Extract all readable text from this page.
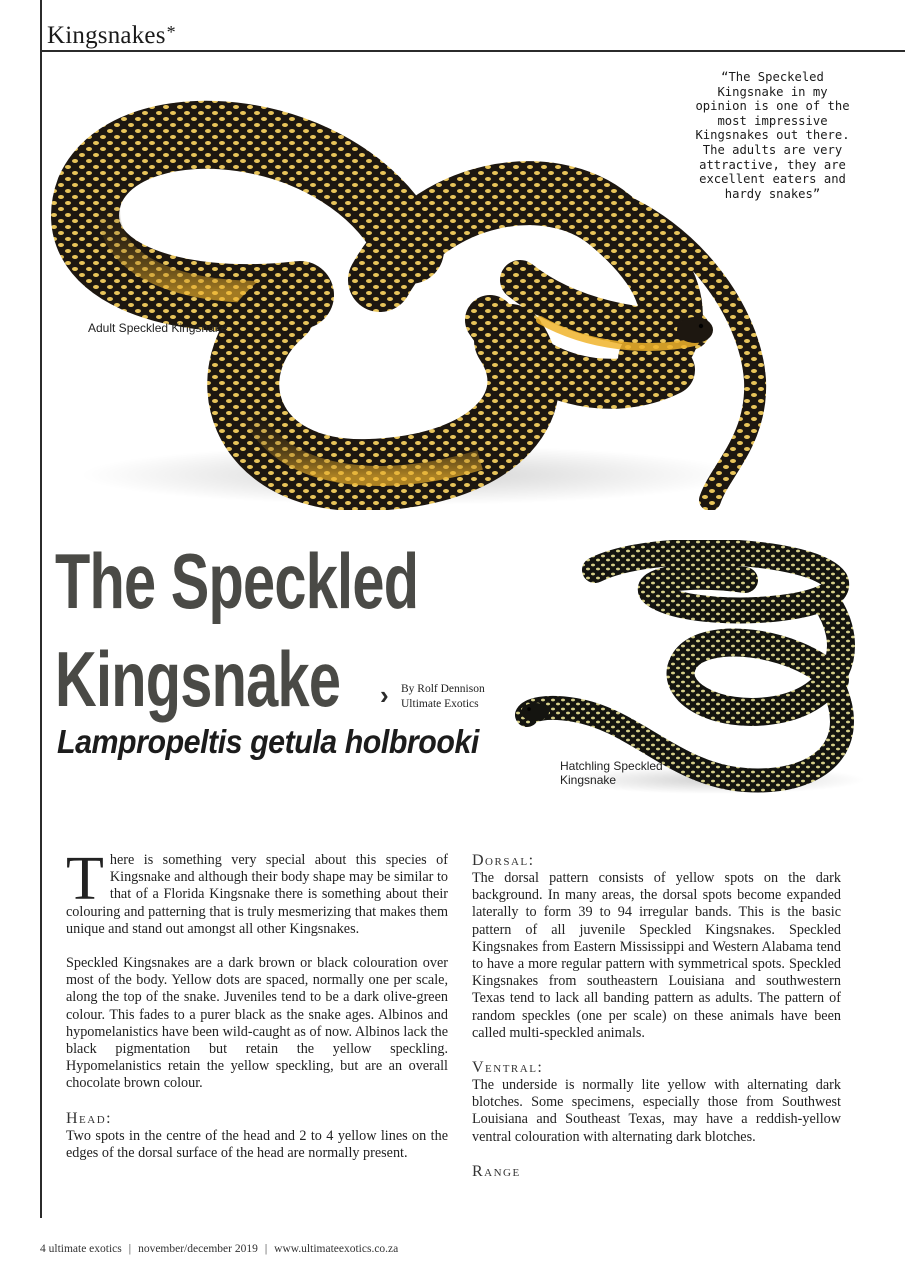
Kingsnakes*
“The Speckeled Kingsnake in my opinion is one of the most impressive Kingsnakes out there. The adults are very attractive, they are excellent eaters and hardy snakes”
Adult Speckled Kingsnake
Hatchling Speckled Kingsnake
The Speckled
Kingsnake › By Rolf Dennison
Ultimate Exotics
Lampropeltis getula holbrooki

There is something very special about this species of Kingsnake and although their body shape may be similar to that of a Florida Kingsnake there is something about their colouring and patterning that is truly mesmerizing that makes them unique and stand out amongst all other Kingsnakes.

Speckled Kingsnakes are a dark brown or black colouration over most of the body. Yellow dots are spaced, normally one per scale, along the top of the snake. Juveniles tend to be a dark olive-green colour. This fades to a purer black as the snake ages. Albinos and hypomelanistics have been wild-caught as of now. Albinos lack the black pigmentation but retain the yellow speckling. Hypomelanistics retain the yellow speckling, but are an overall chocolate brown colour.

Head:

Two spots in the centre of the head and 2 to 4 yellow lines on the edges of the dorsal surface of the head are normally present.

Dorsal:

The dorsal pattern consists of yellow spots on the dark background. In many areas, the dorsal spots become expanded laterally to form 39 to 94 irregular bands. This is the basic pattern of all juvenile Speckled Kingsnakes. Speckled Kingsnakes from Eastern Mississippi and Western Alabama tend to have a more regular pattern with symmetrical spots. Speckled Kingsnakes from southeastern Louisiana and southwestern Texas tend to lack all banding pattern as adults. The pattern of random speckles (one per scale) on these animals have been called multi-speckled animals.

Ventral:

The underside is normally lite yellow with alternating dark blotches. Some specimens, especially those from Southwest Louisiana and Southeast Texas, may have a reddish-yellow ventral colouration with alternating dark blotches.

Range

4 ultimate exotics | november/december 2019 | www.ultimateexotics.co.za
